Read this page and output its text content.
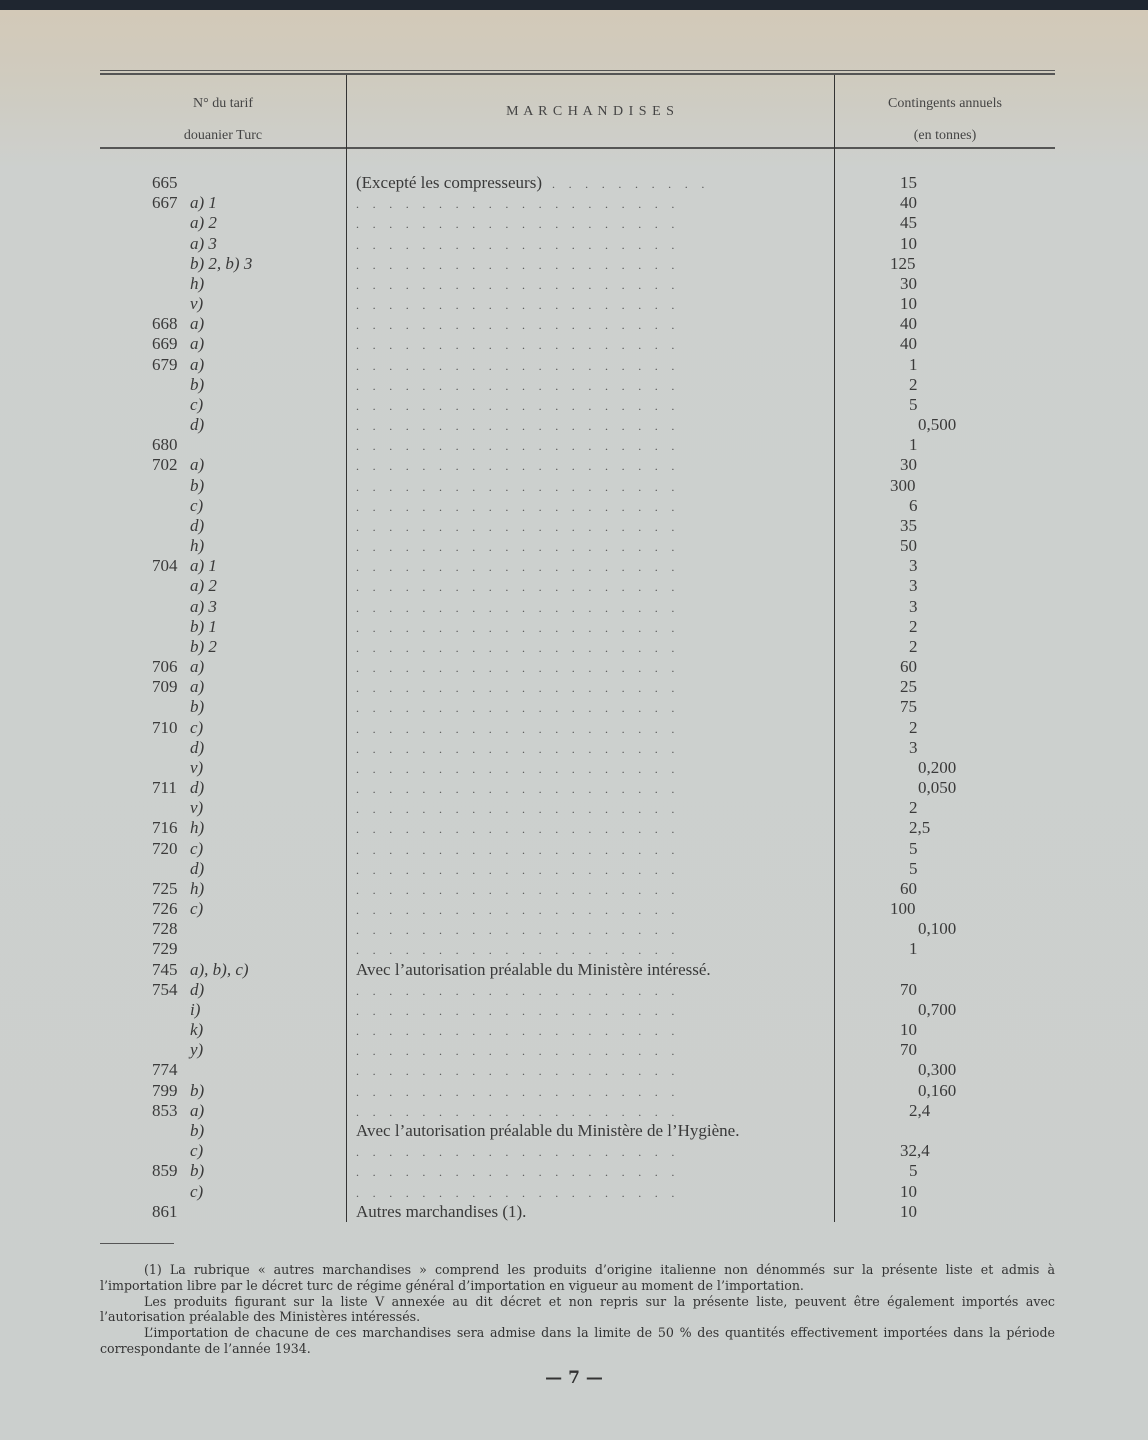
N° du tarif
douanier Turc
M A R C H A N D I S E S
Contingents annuels
(en tonnes)
665	(Excepté les compresseurs) ..........	15
667 a) 1	....................	40
a) 2	....................	45
a) 3	....................	10
b) 2, b) 3	....................	125
h)	....................	30
v)	....................	10
668 a)	....................	40
669 a)	....................	40
679 a)	....................	1
b)	....................	2
c)	....................	5
d)	....................	0,500
680	....................	1
702 a)	....................	30
b)	....................	300
c)	....................	6
d)	....................	35
h)	....................	50
704 a) 1	....................	3
a) 2	....................	3
a) 3	....................	3
b) 1	....................	2
b) 2	....................	2
706 a)	....................	60
709 a)	....................	25
b)	....................	75
710 c)	....................	2
d)	....................	3
v)	....................	0,200
711 d)	....................	0,050
v)	....................	2
716 h)	....................	2,5
720 c)	....................	5
d)	....................	5
725 h)	....................	60
726 c)	....................	100
728	....................	0,100
729	....................	1
745 a), b), c)	Avec l’autorisation préalable du Ministère intéressé.
754 d)	....................	70
i)	....................	0,700
k)	....................	10
y)	....................	70
774	....................	0,300
799 b)	....................	0,160
853 a)	....................	2,4
b)	Avec l’autorisation préalable du Ministère de l’Hygiène.
c)	....................	32,4
859 b)	....................	5
c)	....................	10
861	Autres marchandises (1).	10

(1) La rubrique « autres marchandises » comprend les produits d’origine italienne non dénommés sur la présente liste et admis à l’importation libre par le décret turc de régime général d’importation en vigueur au moment de l’importation.

Les produits figurant sur la liste V annexée au dit décret et non repris sur la présente liste, peuvent être également importés avec l’autorisation préalable des Ministères intéressés.

L’importation de chacune de ces marchandises sera admise dans la limite de 50 % des quantités effectivement importées dans la période correspondante de l’année 1934.

— 7 —
